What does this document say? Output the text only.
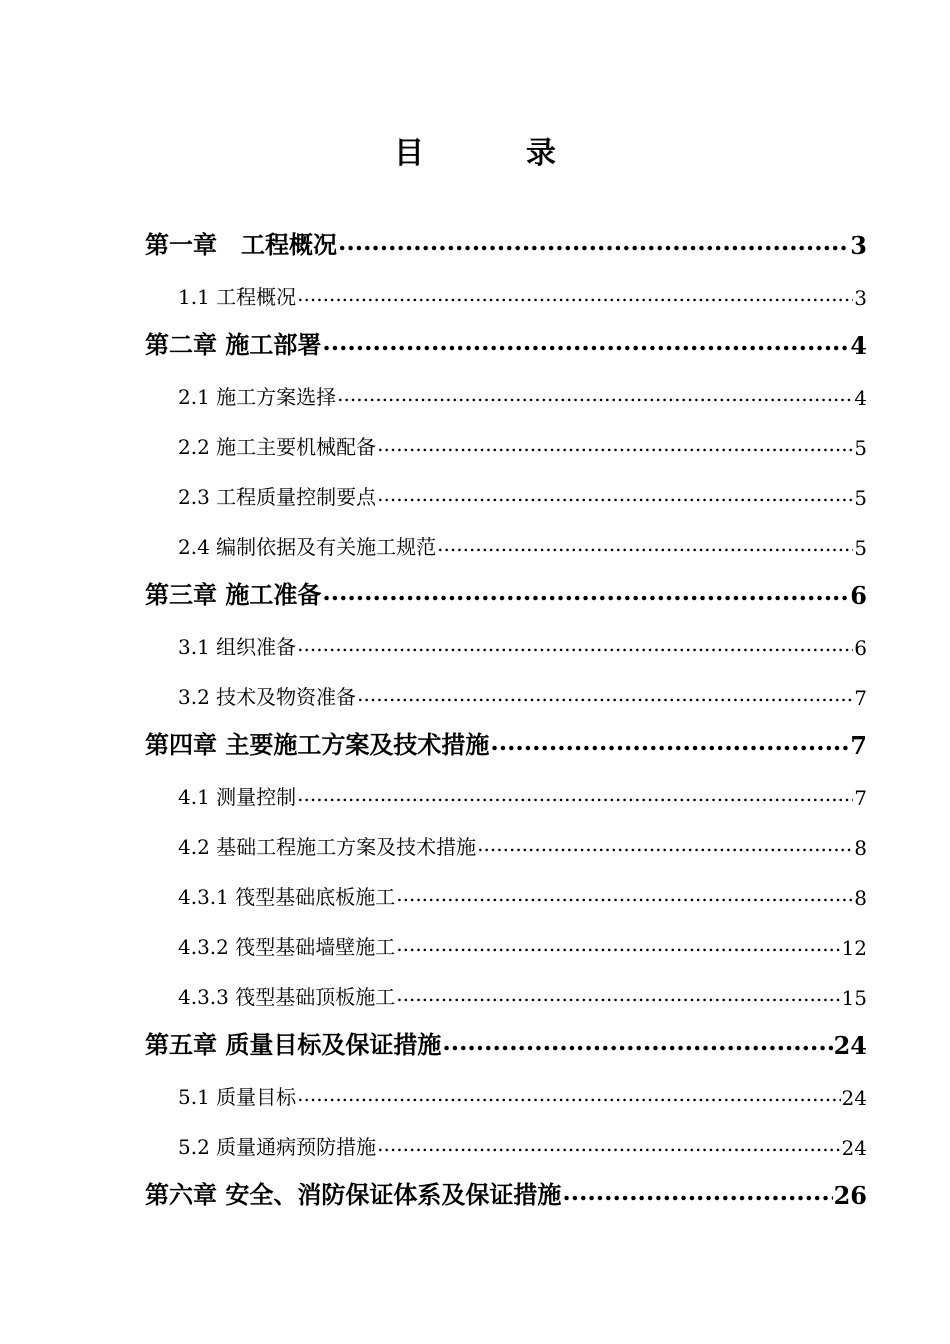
目　录
第一章　工程概况 .....	3
1.1 工程概况 .....	3
第二章 施工部署 .....	4
2.1 施工方案选择 .....	4
2.2 施工主要机械配备 .....	5
2.3 工程质量控制要点 .....	5
2.4 编制依据及有关施工规范 .....	5
第三章 施工准备 .....	6
3.1 组织准备 .....	6
3.2 技术及物资准备 .....	7
第四章 主要施工方案及技术措施 .....	7
4.1 测量控制 .....	7
4.2 基础工程施工方案及技术措施 .....	8
4.3.1 筏型基础底板施工 .....	8
4.3.2 筏型基础墙壁施工 .....	12
4.3.3 筏型基础顶板施工 .....	15
第五章 质量目标及保证措施 .....	24
5.1 质量目标 .....	24
5.2 质量通病预防措施 .....	24
第六章 安全、消防保证体系及保证措施 .....	26
